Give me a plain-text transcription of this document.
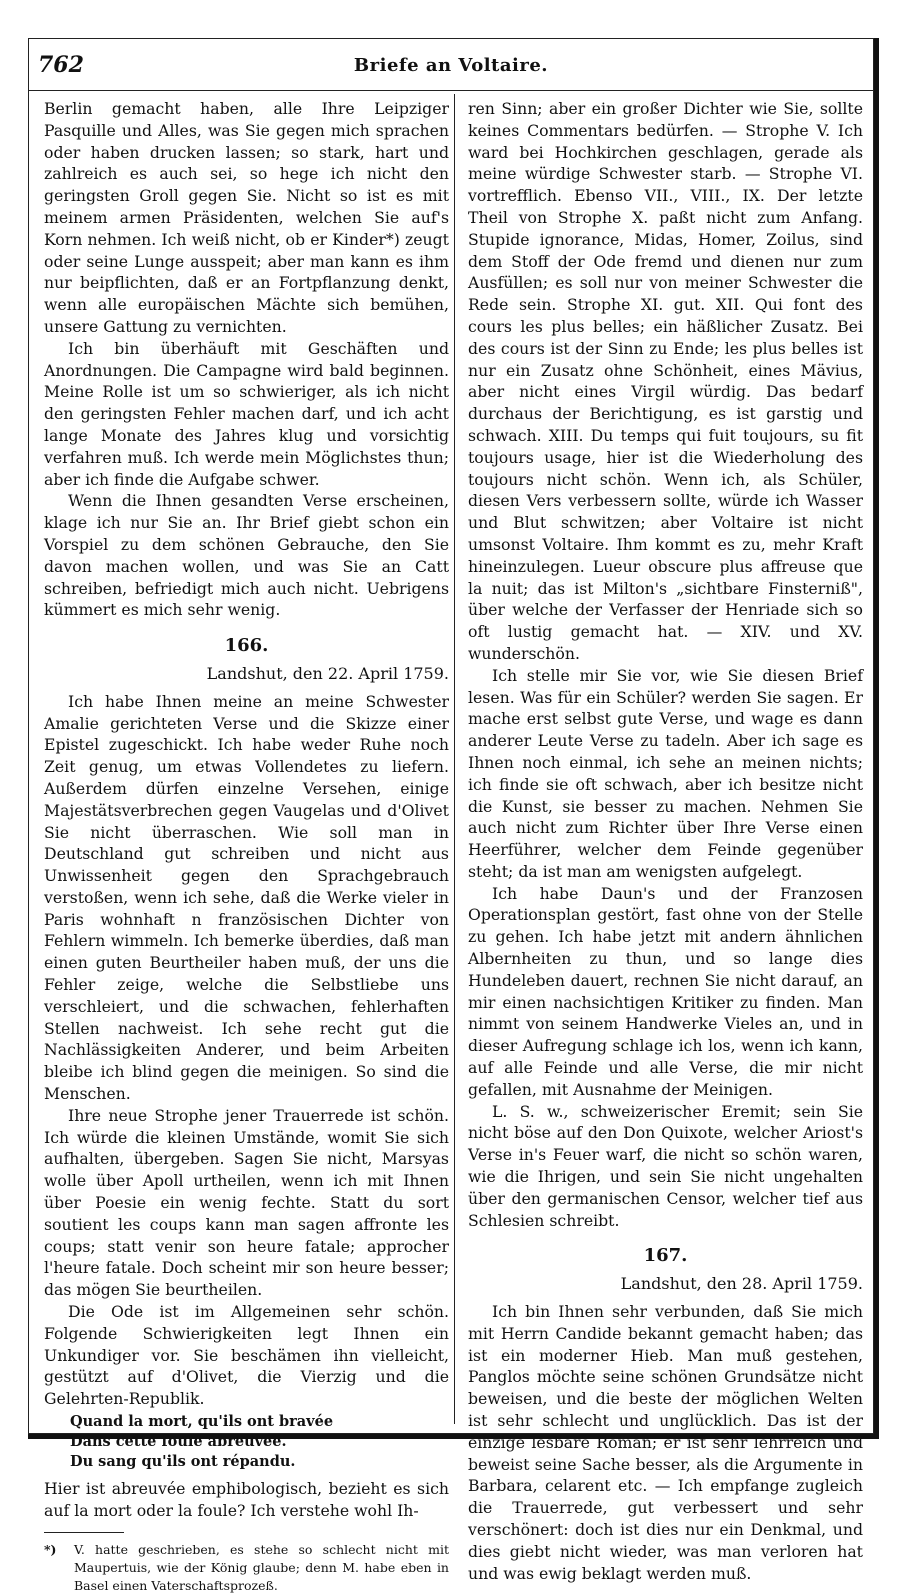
762	Briefe an Voltaire.

Berlin gemacht haben, alle Ihre Leipziger Pasquille und Alles, was Sie gegen mich sprachen oder haben drucken lassen; so stark, hart und zahlreich es auch sei, so hege ich nicht den geringsten Groll gegen Sie. Nicht so ist es mit meinem armen Präsidenten, welchen Sie auf's Korn nehmen. Ich weiß nicht, ob er Kinder*) zeugt oder seine Lunge ausspeit; aber man kann es ihm nur beipflichten, daß er an Fortpflanzung denkt, wenn alle europäischen Mächte sich bemühen, unsere Gattung zu vernichten.

Ich bin überhäuft mit Geschäften und Anordnungen. Die Campagne wird bald beginnen. Meine Rolle ist um so schwieriger, als ich nicht den geringsten Fehler machen darf, und ich acht lange Monate des Jahres klug und vorsichtig verfahren muß. Ich werde mein Möglichstes thun; aber ich finde die Aufgabe schwer.

Wenn die Ihnen gesandten Verse erscheinen, klage ich nur Sie an. Ihr Brief giebt schon ein Vorspiel zu dem schönen Gebrauche, den Sie davon machen wollen, und was Sie an Catt schreiben, befriedigt mich auch nicht. Uebrigens kümmert es mich sehr wenig.

166.
Landshut, den 22. April 1759.

Ich habe Ihnen meine an meine Schwester Amalie gerichteten Verse und die Skizze einer Epistel zugeschickt. Ich habe weder Ruhe noch Zeit genug, um etwas Vollendetes zu liefern. Außerdem dürfen einzelne Versehen, einige Majestätsverbrechen gegen Vaugelas und d'Olivet Sie nicht überraschen. Wie soll man in Deutschland gut schreiben und nicht aus Unwissenheit gegen den Sprachgebrauch verstoßen, wenn ich sehe, daß die Werke vieler in Paris wohnhaft n französischen Dichter von Fehlern wimmeln. Ich bemerke überdies, daß man einen guten Beurtheiler haben muß, der uns die Fehler zeige, welche die Selbstliebe uns verschleiert, und die schwachen, fehlerhaften Stellen nachweist. Ich sehe recht gut die Nachlässigkeiten Anderer, und beim Arbeiten bleibe ich blind gegen die meinigen. So sind die Menschen.

Ihre neue Strophe jener Trauerrede ist schön. Ich würde die kleinen Umstände, womit Sie sich aufhalten, übergeben. Sagen Sie nicht, Marsyas wolle über Apoll urtheilen, wenn ich mit Ihnen über Poesie ein wenig fechte. Statt du sort soutient les coups kann man sagen affronte les coups; statt venir son heure fatale; approcher l'heure fatale. Doch scheint mir son heure besser; das mögen Sie beurtheilen.

Die Ode ist im Allgemeinen sehr schön. Folgende Schwierigkeiten legt Ihnen ein Unkundiger vor. Sie beschämen ihn vielleicht, gestützt auf d'Olivet, die Vierzig und die Gelehrten-Republik.

Quand la mort, qu'ils ont bravée
Dans cette foule abreuvée.
Du sang qu'ils ont répandu.

Hier ist abreuvée emphibologisch, bezieht es sich auf la mort oder la foule? Ich verstehe wohl Ih-

*) V. hatte geschrieben, es stehe so schlecht nicht mit Maupertuis, wie der König glaube; denn M. habe eben in Basel einen Vaterschaftsprozeß.

ren Sinn; aber ein großer Dichter wie Sie, sollte keines Commentars bedürfen. — Strophe V. Ich ward bei Hochkirchen geschlagen, gerade als meine würdige Schwester starb. — Strophe VI. vortrefflich. Ebenso VII., VIII., IX. Der letzte Theil von Strophe X. paßt nicht zum Anfang. Stupide ignorance, Midas, Homer, Zoilus, sind dem Stoff der Ode fremd und dienen nur zum Ausfüllen; es soll nur von meiner Schwester die Rede sein. Strophe XI. gut. XII. Qui font des cours les plus belles; ein häßlicher Zusatz. Bei des cours ist der Sinn zu Ende; les plus belles ist nur ein Zusatz ohne Schönheit, eines Mävius, aber nicht eines Virgil würdig. Das bedarf durchaus der Berichtigung, es ist garstig und schwach. XIII. Du temps qui fuit toujours, su fit toujours usage, hier ist die Wiederholung des toujours nicht schön. Wenn ich, als Schüler, diesen Vers verbessern sollte, würde ich Wasser und Blut schwitzen; aber Voltaire ist nicht umsonst Voltaire. Ihm kommt es zu, mehr Kraft hineinzulegen. Lueur obscure plus affreuse que la nuit; das ist Milton's „sichtbare Finsterniß", über welche der Verfasser der Henriade sich so oft lustig gemacht hat. — XIV. und XV. wunderschön.

Ich stelle mir Sie vor, wie Sie diesen Brief lesen. Was für ein Schüler? werden Sie sagen. Er mache erst selbst gute Verse, und wage es dann anderer Leute Verse zu tadeln. Aber ich sage es Ihnen noch einmal, ich sehe an meinen nichts; ich finde sie oft schwach, aber ich besitze nicht die Kunst, sie besser zu machen. Nehmen Sie auch nicht zum Richter über Ihre Verse einen Heerführer, welcher dem Feinde gegenüber steht; da ist man am wenigsten aufgelegt.

Ich habe Daun's und der Franzosen Operationsplan gestört, fast ohne von der Stelle zu gehen. Ich habe jetzt mit andern ähnlichen Albernheiten zu thun, und so lange dies Hundeleben dauert, rechnen Sie nicht darauf, an mir einen nachsichtigen Kritiker zu finden. Man nimmt von seinem Handwerke Vieles an, und in dieser Aufregung schlage ich los, wenn ich kann, auf alle Feinde und alle Verse, die mir nicht gefallen, mit Ausnahme der Meinigen.

L. S. w., schweizerischer Eremit; sein Sie nicht böse auf den Don Quixote, welcher Ariost's Verse in's Feuer warf, die nicht so schön waren, wie die Ihrigen, und sein Sie nicht ungehalten über den germanischen Censor, welcher tief aus Schlesien schreibt.

167.
Landshut, den 28. April 1759.

Ich bin Ihnen sehr verbunden, daß Sie mich mit Herrn Candide bekannt gemacht haben; das ist ein moderner Hieb. Man muß gestehen, Panglos möchte seine schönen Grundsätze nicht beweisen, und die beste der möglichen Welten ist sehr schlecht und unglücklich. Das ist der einzige lesbare Roman; er ist sehr lehrreich und beweist seine Sache besser, als die Argumente in Barbara, celarent etc. — Ich empfange zugleich die Trauerrede, gut verbessert und sehr verschönert: doch ist dies nur ein Denkmal, und dies giebt nicht wieder, was man verloren hat und was ewig beklagt werden muß.
